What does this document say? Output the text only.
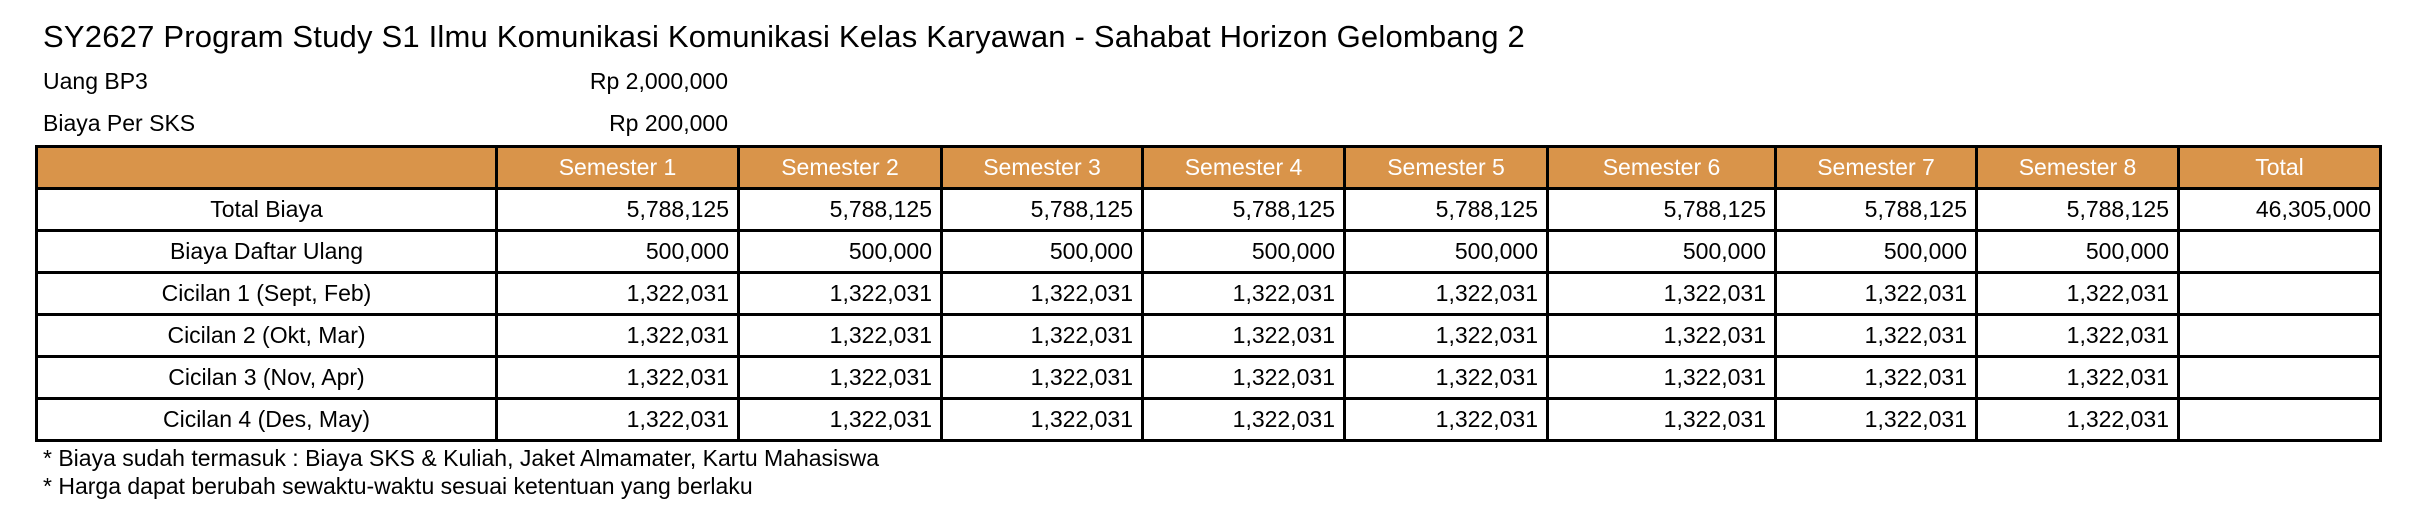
SY2627 Program Study S1 Ilmu Komunikasi Komunikasi Kelas Karyawan - Sahabat Horizon Gelombang 2
Uang BP3	Rp 2,000,000
Biaya Per SKS	Rp 200,000
	Semester 1	Semester 2	Semester 3	Semester 4	Semester 5	Semester 6	Semester 7	Semester 8	Total
Total Biaya	5,788,125	5,788,125	5,788,125	5,788,125	5,788,125	5,788,125	5,788,125	5,788,125	46,305,000
Biaya Daftar Ulang	500,000	500,000	500,000	500,000	500,000	500,000	500,000	500,000	
Cicilan 1 (Sept, Feb)	1,322,031	1,322,031	1,322,031	1,322,031	1,322,031	1,322,031	1,322,031	1,322,031	
Cicilan 2 (Okt, Mar)	1,322,031	1,322,031	1,322,031	1,322,031	1,322,031	1,322,031	1,322,031	1,322,031	
Cicilan 3 (Nov, Apr)	1,322,031	1,322,031	1,322,031	1,322,031	1,322,031	1,322,031	1,322,031	1,322,031	
Cicilan 4 (Des, May)	1,322,031	1,322,031	1,322,031	1,322,031	1,322,031	1,322,031	1,322,031	1,322,031	
* Biaya sudah termasuk : Biaya SKS & Kuliah, Jaket Almamater, Kartu Mahasiswa
* Harga dapat berubah sewaktu-waktu sesuai ketentuan yang berlaku
